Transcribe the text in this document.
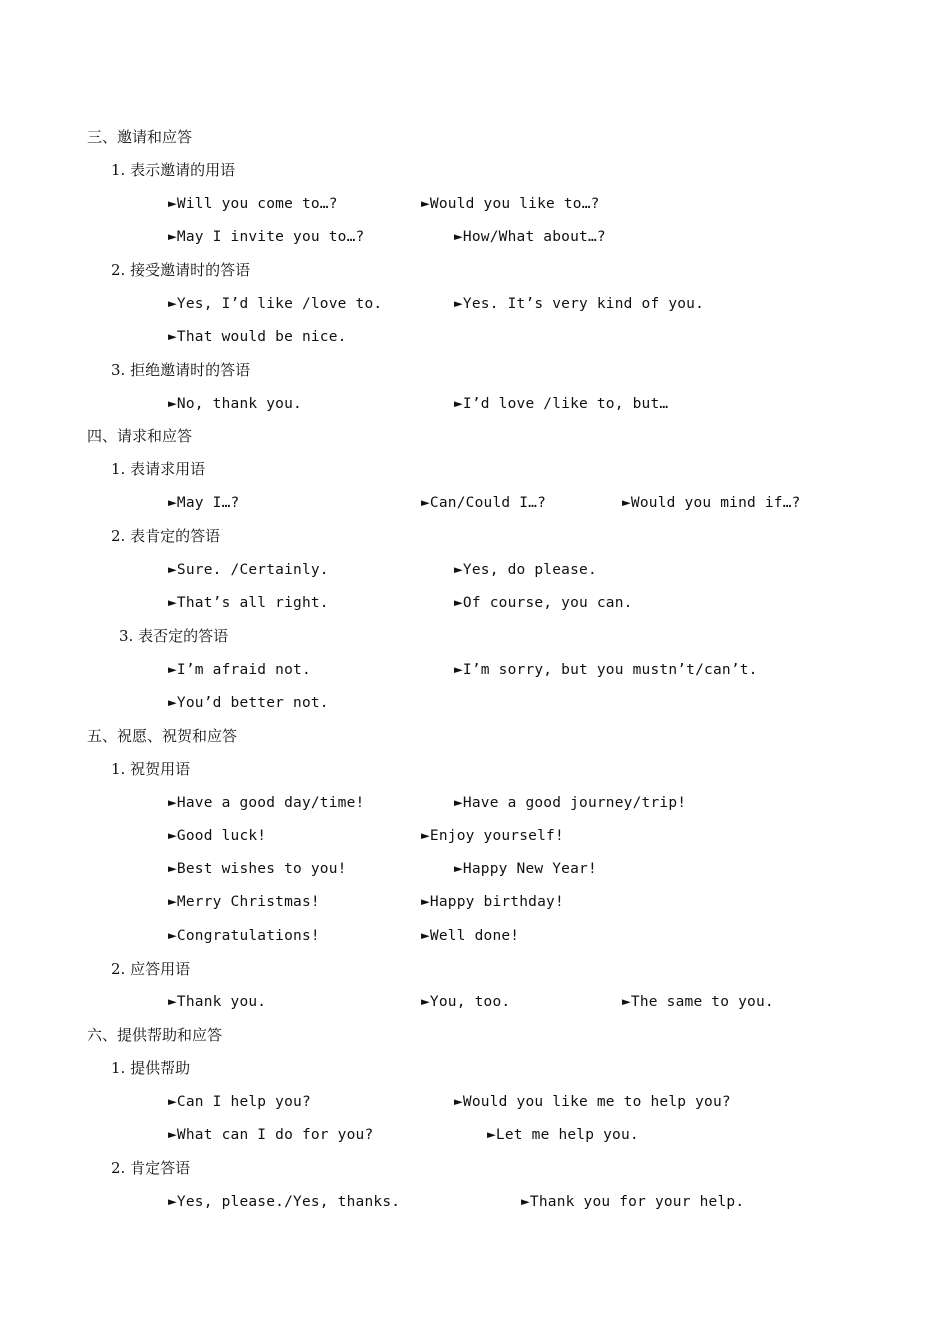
三、邀请和应答
1. 表示邀请的用语
►Will you come to…?	►Would you like to…?
►May I invite you to…?	►How/What about…?
2. 接受邀请时的答语
►Yes, I’d like /love to.	►Yes. It’s very kind of you.
►That would be nice.
3. 拒绝邀请时的答语
►No, thank you.	►I’d love /like to, but…
四、请求和应答
1. 表请求用语
►May I…?	►Can/Could I…?	►Would you mind if…?
2. 表肯定的答语
►Sure. /Certainly.	►Yes, do please.
►That’s all right.	►Of course, you can.
3. 表否定的答语
►I’m afraid not.	►I’m sorry, but you mustn’t/can’t.
►You’d better not.
五、祝愿、祝贺和应答
1. 祝贺用语
►Have a good day/time!	►Have a good journey/trip!
►Good luck!	►Enjoy yourself!
►Best wishes to you!	►Happy New Year!
►Merry Christmas!	►Happy birthday!
►Congratulations!	►Well done!
2. 应答用语
►Thank you.	►You, too.	►The same to you.
六、提供帮助和应答
1. 提供帮助
►Can I help you?	►Would you like me to help you?
►What can I do for you?	►Let me help you.
2. 肯定答语
►Yes, please./Yes, thanks.	►Thank you for your help.
